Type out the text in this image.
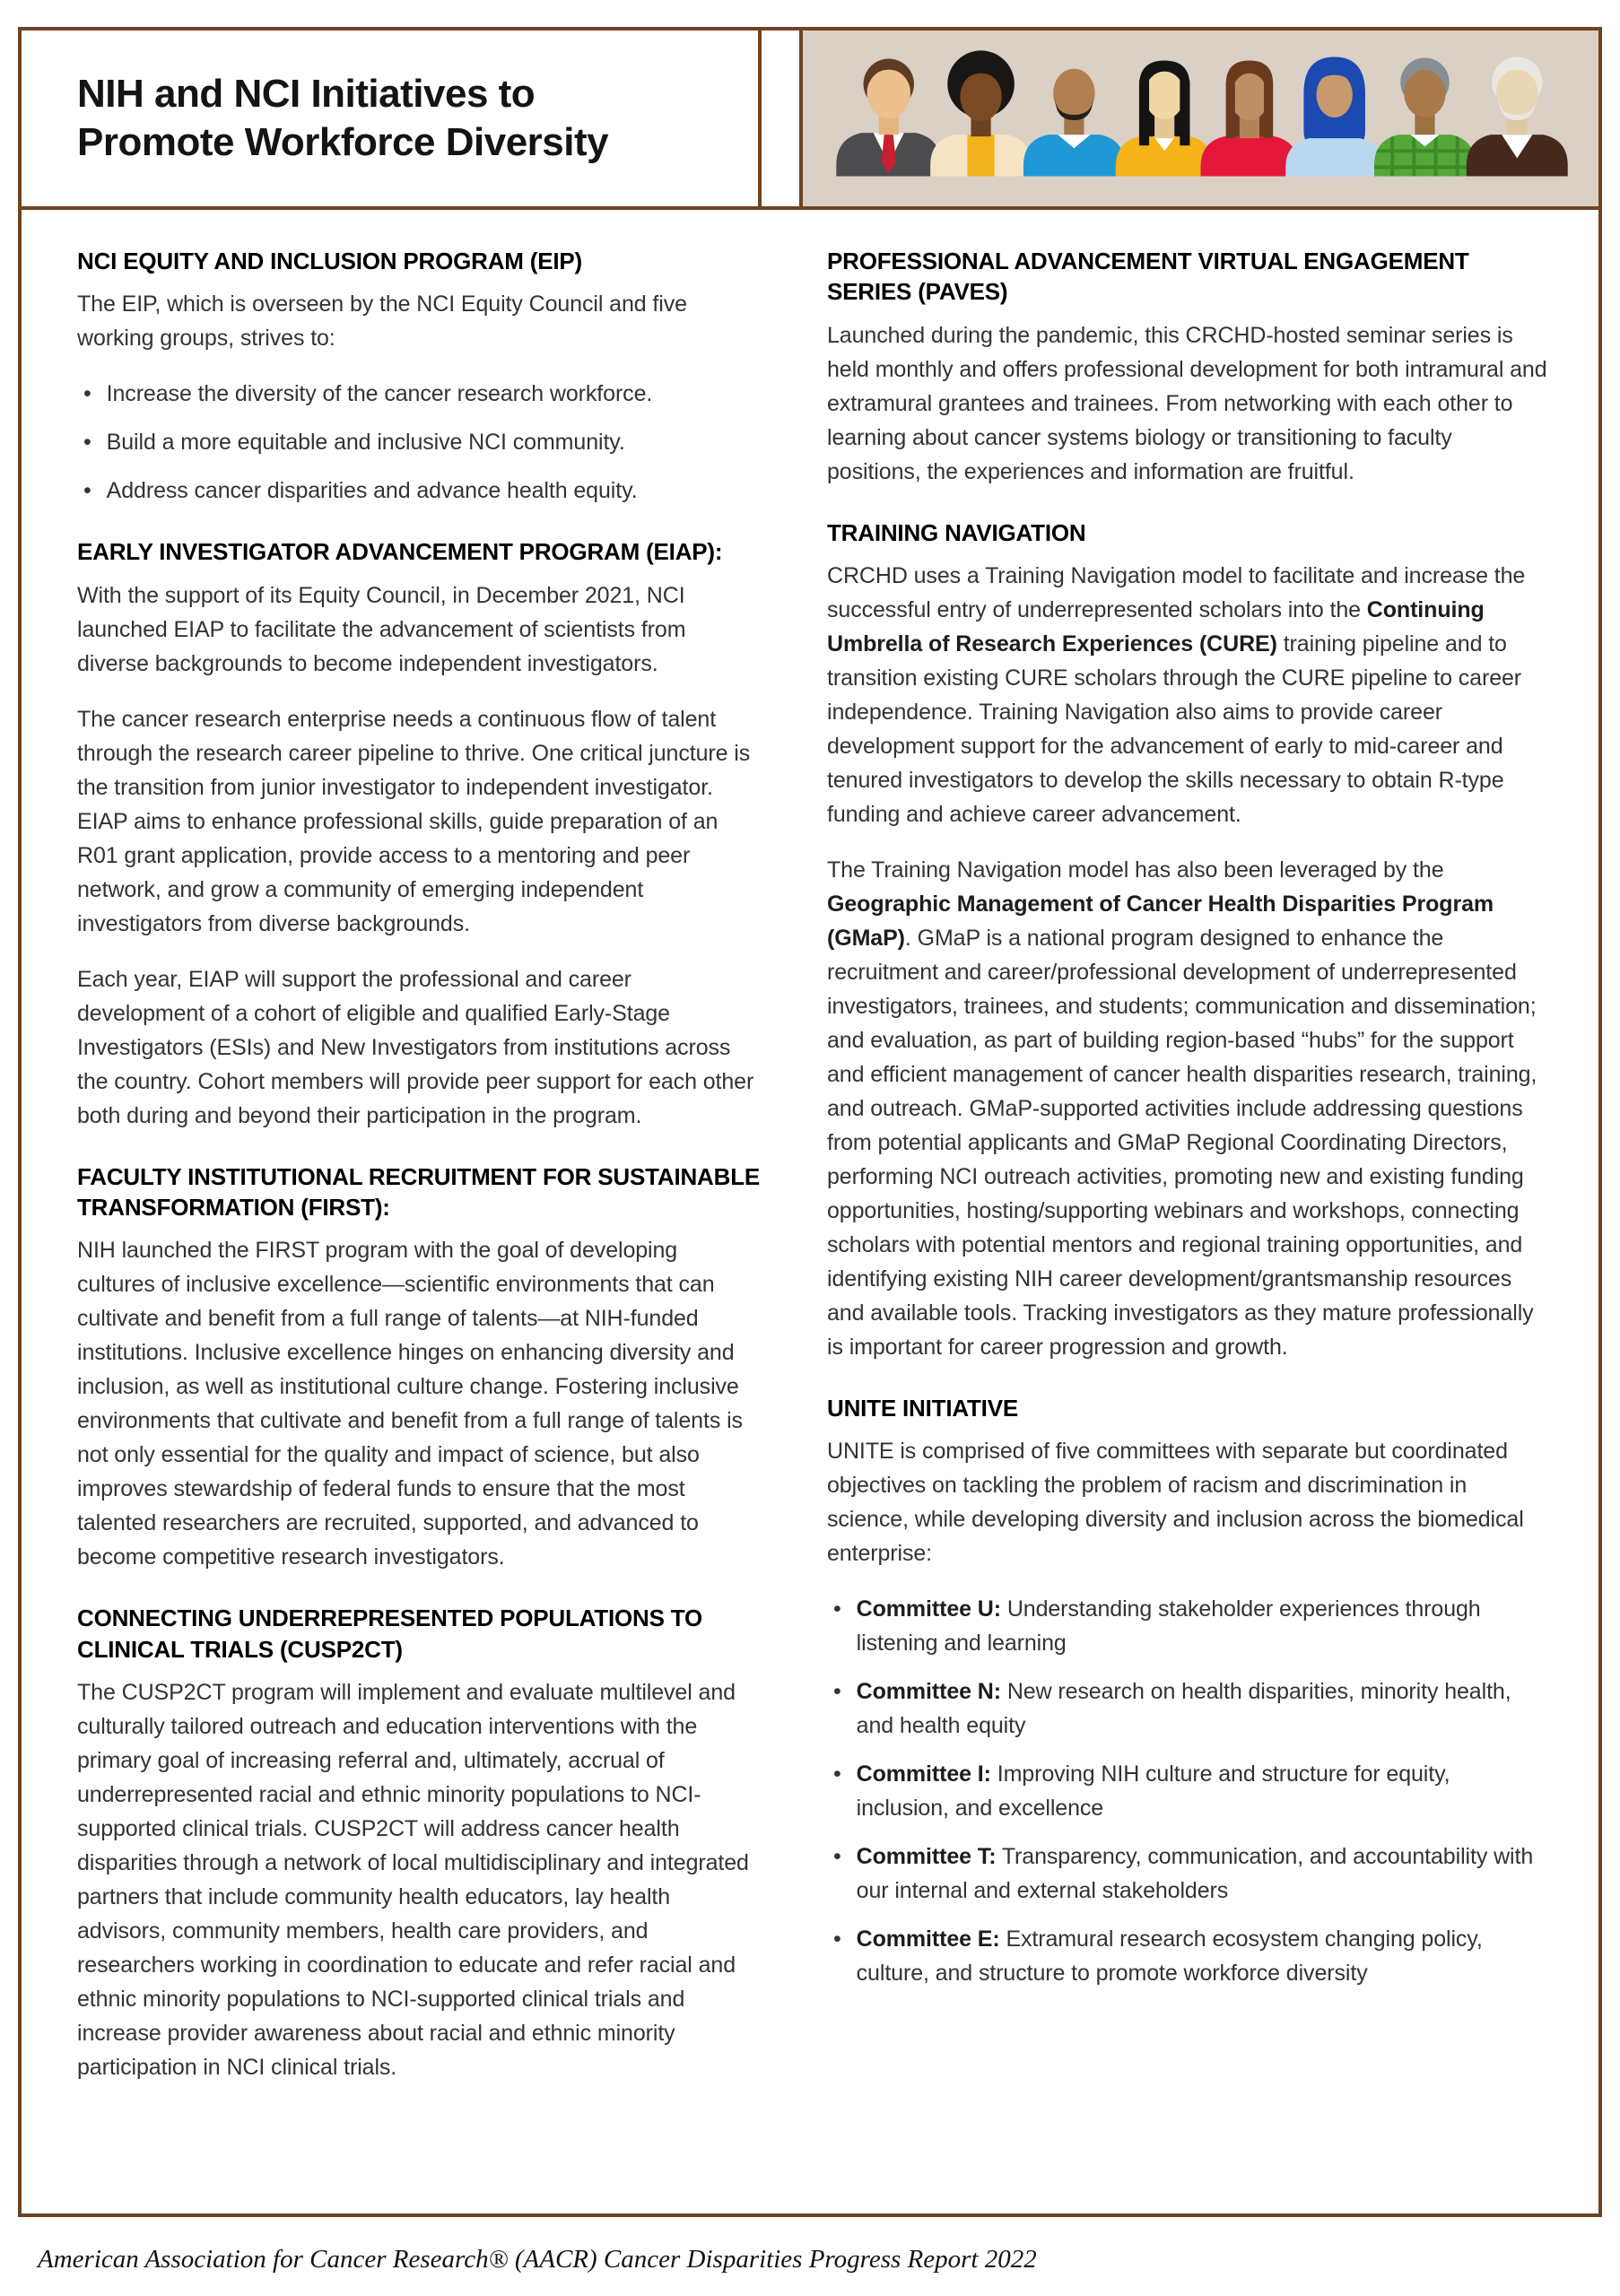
NIH and NCI Initiatives to
Promote Workforce Diversity
NCI EQUITY AND INCLUSION PROGRAM (EIP)

The EIP, which is overseen by the NCI Equity Council and five working groups, strives to:

• Increase the diversity of the cancer research workforce.
• Build a more equitable and inclusive NCI community.
• Address cancer disparities and advance health equity.
EARLY INVESTIGATOR ADVANCEMENT PROGRAM (EIAP):

With the support of its Equity Council, in December 2021, NCI launched EIAP to facilitate the advancement of scientists from diverse backgrounds to become independent investigators.

The cancer research enterprise needs a continuous flow of talent through the research career pipeline to thrive. One critical juncture is the transition from junior investigator to independent investigator. EIAP aims to enhance professional skills, guide preparation of an R01 grant application, provide access to a mentoring and peer network, and grow a community of emerging independent investigators from diverse backgrounds.

Each year, EIAP will support the professional and career development of a cohort of eligible and qualified Early-Stage Investigators (ESIs) and New Investigators from institutions across the country. Cohort members will provide peer support for each other both during and beyond their participation in the program.

FACULTY INSTITUTIONAL RECRUITMENT FOR SUSTAINABLE TRANSFORMATION (FIRST):

NIH launched the FIRST program with the goal of developing cultures of inclusive excellence—scientific environments that can cultivate and benefit from a full range of talents—at NIH-funded institutions. Inclusive excellence hinges on enhancing diversity and inclusion, as well as institutional culture change. Fostering inclusive environments that cultivate and benefit from a full range of talents is not only essential for the quality and impact of science, but also improves stewardship of federal funds to ensure that the most talented researchers are recruited, supported, and advanced to become competitive research investigators.

CONNECTING UNDERREPRESENTED POPULATIONS TO CLINICAL TRIALS (CUSP2CT)

The CUSP2CT program will implement and evaluate multilevel and culturally tailored outreach and education interventions with the primary goal of increasing referral and, ultimately, accrual of underrepresented racial and ethnic minority populations to NCI-supported clinical trials. CUSP2CT will address cancer health disparities through a network of local multidisciplinary and integrated partners that include community health educators, lay health advisors, community members, health care providers, and researchers working in coordination to educate and refer racial and ethnic minority populations to NCI-supported clinical trials and increase provider awareness about racial and ethnic minority participation in NCI clinical trials.

PROFESSIONAL ADVANCEMENT VIRTUAL ENGAGEMENT SERIES (PAVES)

Launched during the pandemic, this CRCHD-hosted seminar series is held monthly and offers professional development for both intramural and extramural grantees and trainees. From networking with each other to learning about cancer systems biology or transitioning to faculty positions, the experiences and information are fruitful.

TRAINING NAVIGATION

CRCHD uses a Training Navigation model to facilitate and increase the successful entry of underrepresented scholars into the Continuing Umbrella of Research Experiences (CURE) training pipeline and to transition existing CURE scholars through the CURE pipeline to career independence. Training Navigation also aims to provide career development support for the advancement of early to mid-career and tenured investigators to develop the skills necessary to obtain R-type funding and achieve career advancement.

The Training Navigation model has also been leveraged by the Geographic Management of Cancer Health Disparities Program (GMaP). GMaP is a national program designed to enhance the recruitment and career/professional development of underrepresented investigators, trainees, and students; communication and dissemination; and evaluation, as part of building region-based “hubs” for the support and efficient management of cancer health disparities research, training, and outreach. GMaP-supported activities include addressing questions from potential applicants and GMaP Regional Coordinating Directors, performing NCI outreach activities, promoting new and existing funding opportunities, hosting/supporting webinars and workshops, connecting scholars with potential mentors and regional training opportunities, and identifying existing NIH career development/grantsmanship resources and available tools. Tracking investigators as they mature professionally is important for career progression and growth.

UNITE INITIATIVE

UNITE is comprised of five committees with separate but coordinated objectives on tackling the problem of racism and discrimination in science, while developing diversity and inclusion across the biomedical enterprise:

• Committee U: Understanding stakeholder experiences through listening and learning
• Committee N: New research on health disparities, minority health, and health equity
• Committee I: Improving NIH culture and structure for equity, inclusion, and excellence
• Committee T: Transparency, communication, and accountability with our internal and external stakeholders
• Committee E: Extramural research ecosystem changing policy, culture, and structure to promote workforce diversity
American Association for Cancer Research® (AACR) Cancer Disparities Progress Report 2022
